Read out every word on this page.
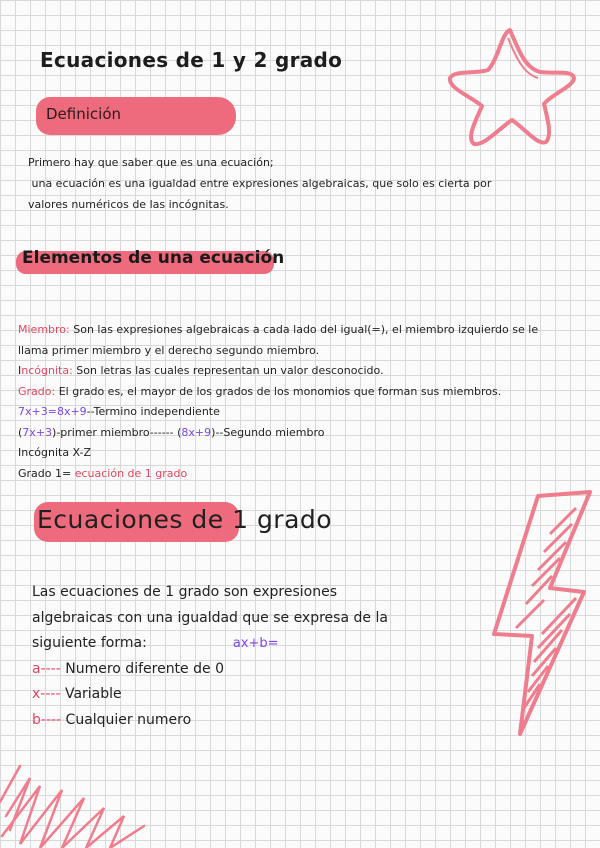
Ecuaciones de 1 y 2 grado
Definición
Primero hay que saber que es una ecuación;
una ecuación es una igualdad entre expresiones algebraicas, que solo es cierta por
valores numéricos de las incógnitas.
Elementos de una ecuación
Miembro: Son las expresiones algebraicas a cada lado del igual(=), el miembro izquierdo se le
llama primer miembro y el derecho segundo miembro.
Incógnita: Son letras las cuales representan un valor desconocido.
Grado: El grado es, el mayor de los grados de los monomios que forman sus miembros.
7x+3=8x+9--Termino independiente
(7x+3)-primer miembro------ (8x+9)--Segundo miembro
Incógnita X-Z
Grado 1= ecuación de 1 grado
Ecuaciones de 1 grado
Las ecuaciones de 1 grado son expresiones
algebraicas con una igualdad que se expresa de la
siguiente forma:	ax+b=
a---- Numero diferente de 0
x---- Variable
b---- Cualquier numero
